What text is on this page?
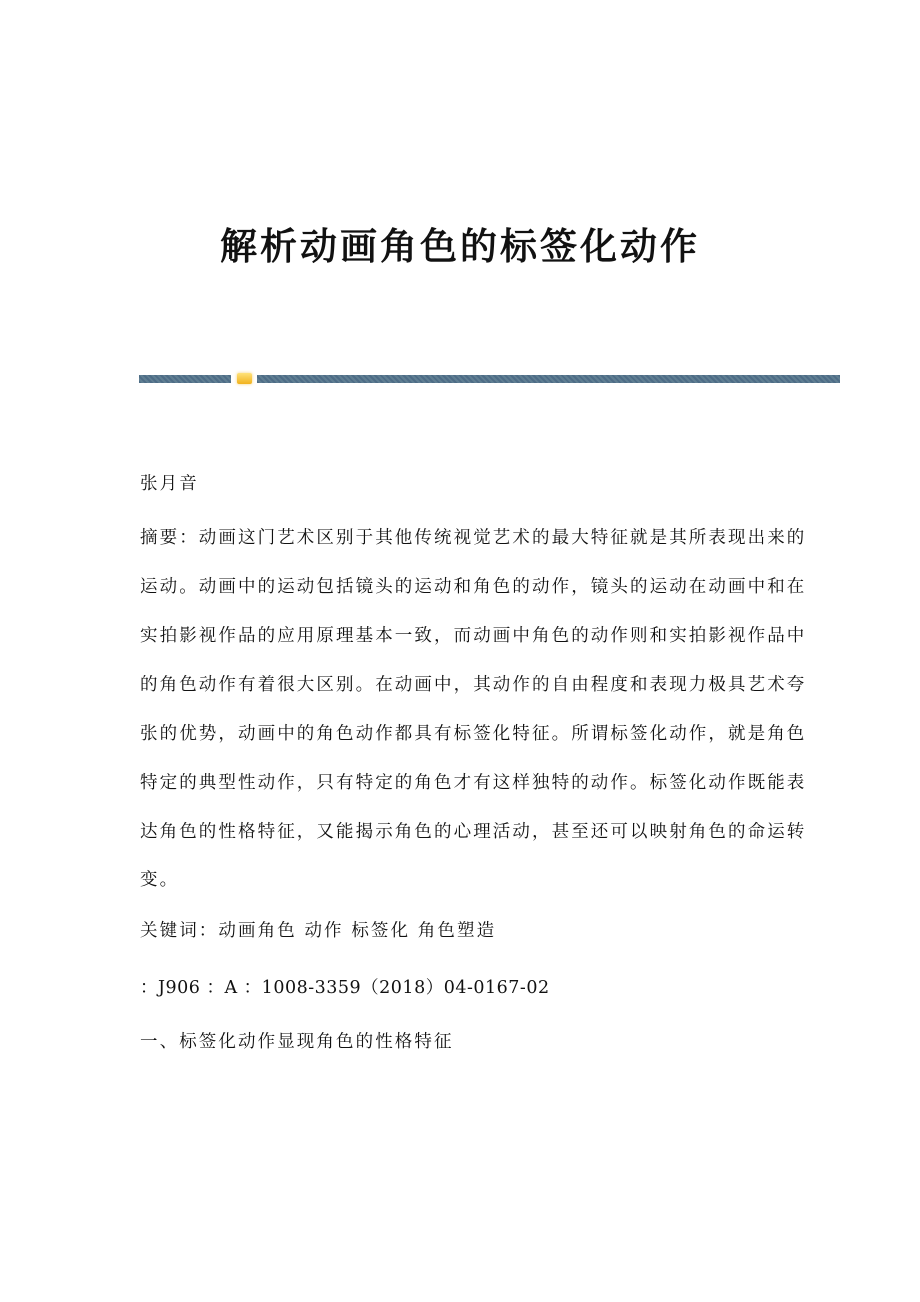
解析动画角色的标签化动作
张月音
摘要：动画这门艺术区别于其他传统视觉艺术的最大特征就是其所表现出来的
运动。动画中的运动包括镜头的运动和角色的动作，镜头的运动在动画中和在
实拍影视作品的应用原理基本一致，而动画中角色的动作则和实拍影视作品中
的角色动作有着很大区别。在动画中，其动作的自由程度和表现力极具艺术夸
张的优势，动画中的角色动作都具有标签化特征。所谓标签化动作，就是角色
特定的典型性动作，只有特定的角色才有这样独特的动作。标签化动作既能表
达角色的性格特征，又能揭示角色的心理活动，甚至还可以映射角色的命运转
变。
关键词：动画角色 动作 标签化 角色塑造
：J906 ：A ：1008-3359（2018）04-0167-02
一、标签化动作显现角色的性格特征
